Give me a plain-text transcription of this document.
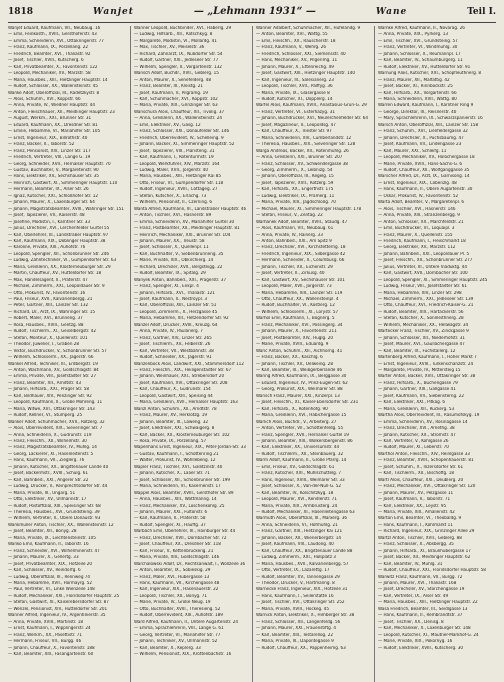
1818	Wanjet	— „Lehmann 1931“ —	Wane	Teil I.
Wanjet Eduard, Kaufmann, VII., Neubaug. 16
— Emil, Feinkosth., XVIII., Gersthoferstr. 43
— Emma, Schneiderin, XVI., Ottakringerstr. 77
— Franz, Kaufmann, IX., Porzellang. 22
— Friedrich, Beamter, XVI., Thaliastr. 92
— Josef, Tischler, XVIII., Kutscherg. 6
— Karl, Privatbeamter, X., Favoritenstr. 122
— Leopold, Mechaniker, XV., Märzstr. 58
— Maria, Hausbes., XIII., Hietzinger Hauptstr. 14
— Rudolf, Schlosser, XX., Wallensteinstr. 45
Wanke Adolf, Oberoffizial, III., Radetzkystr. 8
— Alois, Schuhm., XVI., Koppstr. 66
— Anna, Private, IV., Wiedner Hauptstr. 44
— Anton, Fleischhauer, XII., Meidlinger Hauptstr. 23
— August, Werkm., XXI., Brünner Str. 31
— Eduard, Kaufmann, XX., Dresdner Str. 81
— Emilie, Hebamme, VI., Mariahilfer Str. 105
— Ernst, Ingenieur, XIX., Billrothstr. 40
— Franz, Bäcker, II., Taborstr. 52
— Franz, Pensionist, XIV., Linzer Str. 117
— Friedrich, Vertreter, VIII., Lange G. 19
— Georg, Schneider, XVII., Hernalser Hauptstr. 70
— Gustav, Buchhalter, V., Margaretenstr. 90
— Hans, Elektriker, XV., Sechshauser Str. 35
— Heinrich, Gastwirt, XI., Simmeringer Hauptstr. 110
— Hermann, Beamter, IX., Alser Str. 26
— Ignaz, Kutscher, XXI., Schloßhofer Str. 12
— Johann, Maurer, X., Laxenburger Str. 64
— Johann, Magistratsbeamter, XVIII., Währinger Str. 151
— Josef, Tapezierer, VII., Kaiserstr. 48
— Josefine, Modistin, I., Kärntner Str. 33
— Julius, Drechsler, XVI., Lerchenfelder Gürtel 55
— Karl, Oberlehrer, III., Landstraßer Hauptstr. 97
— Karl, Kaufmann, XIX., Döblinger Hauptstr. 38
— Karoline, Private, XIII., Auhofstr. 76
— Leopold, Spengler, XII., Schönbrunner Str. 246
— Ludwig, Zahntechniker, VI., Gumpendorfer Str. 63
— Maria, Greißlerin, XX., Klosterneuburger Str. 29
— Martin, Chauffeur, XV., Hütteldorfer Str. 18
— Max, Handelsagent, II., Praterstr. 47
— Michael, Zimmerm., XXI., Leopoldauer Str. 9
— Otto, Prokurist, IV., Favoritenstr. 16
— Paul, Friseur, XVII., Kalvarienbergg. 21
— Peter, Gärtner, XIII., Lainzer Str. 132
— Richard, Dr., Arzt, IX., Währinger Str. 15
— Robert, Maler, XVI., Brunneng. 37
— Rosa, Hausbes., XVIII., Gentzg. 88
— Rudolf, Tischlerm., XI., Geiselbergstr. 42
— Stefan, Monteur, X., Quellenstr. 101
— Theodor, Juwelier, I., Graben 28
— Viktor, Buchdrucker, V., Schönbrunner Str. 57
— Wilhelm, Schlosserm., XX., Jägerstr. 66
Wankel Alfred, Techniker, III., Erdbergstr. 19
— Anton, Wachmann, XV., Goldschlagstr. 84
— Emma, Private, VIII., Josefstädter Str. 27
— Franz, Beamter, XII., Arndtstr. 43
— Johann, Hilfsarb., XXI., Prager Str. 58
— Karl, Bildhauer, XIV., Penzinger Str. 92
— Leopold, Kaufmann, II., Große Mohreng. 11
— Maria, Witwe, XVI., Ottakringer Str. 143
— Rudolf, Kellner, VI., Stumperg. 25
Wanker Adolf, Schuhmacher, XVII., Rötzerg. 32
— Alois, Oberrevident, XIX., Sieveringer Str. 7
— Anna, Schneiderin, X., Gudrunstr. 119
— Franz, Fleischh., XII., Wilhelmstr. 30
— Franz, Magistratsbeamter, IV., Mühlg. 14
— Georg, Lackierer, XI., Hasenleitenstr. 5
— Hans, Kaufmann, VII., Zieglerg. 76
— Johann, Kutscher, XX., Brigittenauer Lände 40
— Josef, Bäckermstr., XVIII., Schulg. 61
— Karl, Bahnbed., XXI., Angerer Str. 22
— Ludwig, Drucker, V., Reinprechtsdorfer Str. 44
— Maria, Private, III., Ungarg. 51
— Otto, Elektriker, XV., Ullmannstr. 17
— Rudolf, Postoffizial, XIII., Speisinger Str. 68
— Theresia, Hausbes., XVI., Grundsteing. 39
— Wilhelm, Vertreter, II., Obere Donaustr. 93
Wankmüller Anton, Tischler, XX., Wallensteinstr. 12
— Josef, Beamter, XII., Bonyg. 28
— Maria, Private, IX., Liechtensteinstr. 105
Wanko Emil, Kaufmann, II., Taborstr. 16
— Franz, Schneider, XVI., Wilhelminenstr. 47
— Johann, Maurer, X., Gellertg. 33
— Josef, Privatbeamter, XIX., Hofzeile 20
— Karl, Schlosser, XV., Reindorfg. 6
— Ludwig, Oberoffizial, III., Rennweg 74
— Maria, Hebamme, XVII., Hormayrg. 52
— Paul, Vertreter, VI., Linke Wienzeile 148
— Rudolf, Mechaniker, XXI., Floridsdorfer Hauptstr. 25
— Stefan, Gastwirt, XI., Kaiserebersdorfer Str. 87
— Wenzel, Pensionist, XIV., Hütteldorfer Str. 201
Wanner Alfred, Ingenieur, IV., Argentinierstr. 35
— Anna, Private, XVIII., Martinstr. 18
— Ernst, Kaufmann, I., Wipplingerstr. 24
— Franz, Werkm., XX., Pasettistr. 71
— Hermann, Friseur, VII., Burgg. 46
— Johann, Chauffeur, X., Favoritenstr. 188
— Karl, Beamter, XIII., Fasangartenstr. 60
Wanner Leopold, Buchbinder, XVI., Haberlg. 29
— Ludwig, Hilfsarb., XII., Ratschkyg. 8
— Margarete, Modistin, VI., Mollardg. 41
— Max, Tischler, XV., Meiselstr. 36
— Richard, Zahnarzt, IX., Nußdorfer Str. 54
— Rudolf, Gärtner, XXI., Jedleseer Str. 77
— Wilhelm, Spengler, II., Vorgartenstr. 132
Wansch Adolf, Buchdr., XVII., Geblerg. 15
— Anton, Maurer, X., Senefelderg. 48
— Franz, Beamter, III., Kleistg. 21
— Josef, Kaufmann, V., Pilgramg. 19
— Karl, Schuhmacher, XVI., Koppstr. 102
— Maria, Private, XIX., Grinzinger Str. 63
Wanschura Alois, Chauffeur, XII., Tivolig. 37
— Anna, Greißlerin, XX., Wallensteinstr. 24
— Emil, Elektriker, XV., Gasg. 12
— Franz, Schlosser, XXI., Donaufelder Str. 146
— Friedrich, Oberrevident, IV., Schelleing. 9
— Johann, Bäcker, XI., Simmeringer Hauptstr. 52
— Josef, Tapezierer, VIII., Piaristeng. 31
— Karl, Kaufmann, I., Rotenturmstr. 19
— Leopold, Werkführer, XIV., Märzstr. 164
— Ludwig, Maler, XVII., Jörgerstr. 40
— Maria, Hausbes., XIII., Hietzinger Kai 85
— Otto, Friseur, VI., Gumpendorfer Str. 118
— Rudolf, Ingenieur, XVIII., Cottageg. 27
— Stefan, Kutscher, X., Erlachg. 73
— Wilhelm, Pensionist, II., Czerning. 6
Wanta Alfred, Kaufmann, III., Landstraßer Hauptstr. 46
— Anton, Tischler, XVI., Hasnerstr. 89
— Emma, Schneiderin, XV., Mariahilfer Gürtel 30
— Franz, Postbeamter, XII., Meidlinger Hauptstr. 81
— Heinrich, Mechaniker, XXI., Brünner Str. 104
— Johann, Maurer, XX., Treustr. 58
— Josef, Schlosser, X., Quellenpl. 11
— Karl, Buchhalter, V., Siebenbrunneng. 35
— Marie, Private, XIX., Obkirchierg. 14
— Richard, Drechsler, XVII., Bergsteigg. 22
— Rudolf, Beamter, IX., Spitalg. 29
Wanyek Anton, Bahnbed., XXI., Pragerstr. 37
— Franz, Spengler, XI., Enkpl. 4
— Johann, Hilfsarb., XVI., Thaliastr. 121
— Josef, Kaufmann, II., Nestroypl. 3
— Karl, Oberoffizial, XIII., Lainzer Str. 51
— Leopold, Zimmerm., X., Herzgasse 45
— Maria, Hebamme, XII., Hetzendorfer Str. 92
Wanzel Adolf, Drucker, XVIII., Kreuzg. 64
— Anna, Private, IV., Paulanerg. 7
— Franz, Gärtner, XIV., Linzer Str. 265
— Josef, Tischlerm., XV., Felberstr. 26
— Karl, Vertreter, VII., Westbahnstr. 38
— Rudolf, Schneider, XX., Jägerstr. 91
Wanzenböck Alois, Landwirt, XXI., Stammersdorf 112
— Franz, Fleischh., XIX., Heiligenstädter Str. 67
— Johann, Weinhauer, XXI., Strebersdorf 20
— Josef, Kaufmann, XVI., Ottakringer Str. 208
— Karl, Chauffeur, X., Gudrunstr. 154
— Leopold, Gastwirt, XIII., Speising 44
— Maria, Greißlerin, XVII., Hernalser Hauptstr. 163
Wanzl Anton, Schuhm., XII., Arndtstr. 78
— Franz, Maurer, XV., Herklotzg. 19
— Johann, Beamter, III., Löweng. 32
— Josef, Elektriker, XXI., Schwaigerg. 8
— Karl, Bäcker, XX., Klosterneuburger Str. 102
— Rosa, Private, IX., Porzellang. 57
Wapenhans Ernst, Ingenieur, XIX., Peter-Jordan-Str. 33
— Gustav, Kaufmann, I., Schottenring 21
— Walter, Prokurist, IV., Wohllebeng. 12
Wapler Franz, Tischler, XVI., Gallitzinstr. 40
— Johann, Kutscher, X., Laaer Str. 71
— Josef, Schlosser, XII., Schönbrunner Str. 199
— Maria, Schneiderin, VI., Kasernenstr. 17
Wappel Alois, Beamter, XVIII., Gersthofer Str. 89
— Anna, Hausbes., XIII., Wattmanng. 14
— Franz, Mechaniker, XV., Löschenkohlg. 25
— Johann, Maurer, XXI., Fultonstr. 6
— Karl, Kaufmann, II., Praterstr. 58
— Rudolf, Spengler, XI., Hauffg. 37
Warbach Emil, Oberlehrer, III., Hainburger Str. 44
— Franz, Drechsler, XVII., Dornbacher Str. 72
— Josef, Chauffeur, XX., Dresdner Str. 118
— Karl, Friseur, V., Kettenbrückeng. 21
— Maria, Private, XIV., Goldschlagstr. 146
Warchalowski Adolf, Dr., Rechtsanwalt, I., Wollzeile 36
— Anton, Beamter, IX., Sobieskig. 29
— Franz, Maler, XVI., Hubergasse 13
— Hans, Kaufmann, VII., Kirchengasse 48
— Karl, Ingenieur, XIX., Hasenauerstr. 22
— Leopold, Tischler, XII., Bonyg. 71
— Marie, Private, IV., Große Neug. 19
— Otto, Buchhalter, XVIII., Theresieng. 52
— Rudolf, Oberrevident, XIII., Auhofstr. 189
Ward Alfred, Kaufmann, II., Untere Augartenstr. 24
— Emma, Sprachlehrerin, VIII., Lange G. 61
— Georg, Vertreter, VI., Mariahilfer Str. 77
— Johann, Techniker, XV., Ullmannstr. 52
— Karl, Beamter, X., Keplerg. 33
— Wilhelm, Pensionist, XIX., Krottenbachstr. 16
Wanner Adalbert, Schuhmacher, XII., Hufelandg. 9
— Anton, Beamter, XVI., Wattg. 55
— Emil, Fleischh., XX., Rauscherstr. 18
— Franz, Kaufmann, V., Wehrg. 26
— Friedrich, Schlosser, XXI., Siemensstr. 40
— Hans, Mechaniker, XV., Pilgerimg. 11
— Johann, Maurer, X., Ettenreichg. 49
— Josef, Gastwirt, XIII., Hietzinger Hauptstr. 140
— Karl, Ingenieur, III., Salesianerg. 23
— Leopold, Tischler, XVII., Palffyg. 36
— Maria, Private, IX., Glasergasse 8
— Rudolf, Kutscher, XI., Dopplerg. 14
Warfel Alois, Kaufmann, XVIII., Anastasius-Grün-G. 29
— Franz, Vertreter, VI., Esterhazyg. 31
— Johann, Buchdrucker, XVI., Neulerchenfelder Str. 64
— Josef, Magazineur, II., Leopoldsg. 47
— Karl, Chauffeur, X., Triester Str. 97
— Maria, Schneiderin, XIV., Cumberlandstr. 12
— Theresia, Hausbes., XIX., Sieveringer Str. 128
Warga Andreas, Bäcker, XII., Rotenmühlg. 26
— Anna, Greißlerin, XXI., Brünner Str. 207
— Franz, Schlosser, XV., Schwendergasse 38
— Georg, Zimmerm., X., Leibnizg. 54
— Johann, Oberoffizial, III., Kegelg. 15
— Josef, Tapezierer, XVII., Rötzerg. 59
— Karl, Hilfsarb., XX., Engerthstr. 175
— Ludwig, Elektriker, IX., Pramerg. 11
— Maria, Private, XIII., Jagdschloßg. 70
— Michael, Maurer, XI., Simmeringer Hauptstr. 178
— Stefan, Friseur, V., Zentag. 22
Warhanek Adolf, Beamter, XVIII., Staudg. 47
— Alois, Kaufmann, VII., Neubaug. 61
— Anna, Private, IV., Rainerg. 33
— Anton, Bahnbed., XXI., Am Spitz 9
— Franz, Drechsler, XVI., Kirchstetterng. 18
— Friedrich, Ingenieur, XIX., Silbergasse 42
— Hermann, Schneider, X., Columbusg. 66
— Johann, Tischler, XII., Eichenstr. 29
— Josef, Vertreter, II., Zirkusg. 40
— Karl, Gastwirt, XV., Sechshauser Str. 101
— Leopold, Maler, XVII., Jörgerstr. 73
— Maria, Hebamme, XIII., Lainzer Str. 119
— Otto, Chauffeur, XX., Wallensteinpl. 4
— Rudolf, Buchhalter, VI., Köstlerg. 12
— Wilhelm, Schlosserm., XI., Lorystr. 57
Warhol Emil, Kaufmann, I., Bognerg. 5
— Franz, Mechaniker, XVI., Possingerg. 34
— Johann, Maurer, X., Favoritenstr. 211
— Josef, Postbeamter, XIV., Huglg. 20
— Marie, Private, XVIII., Eduardg. 9
Waric Anton, Schuhm., XII., Aichhorng. 41
— Franz, Bäcker, XX., Kaschlg. 6
— Johann, Tischler, XV., Oelweing. 28
— Karl, Beamter, III., Weißgerberlände 46
Waring Alfred, Kaufmann, IX., Berggasse 30
— Eduard, Ingenieur, IV., Prinz-Eugen-Str. 62
— Georg, Prokurist, XIX., Weimarer Str. 88
Warisch Franz, Maurer, XXI., Kinzerpl. 13
— Josef, Fleischh., XI., Kaiser-Ebersdorfer Str. 231
— Karl, Hilfsarb., X., Rotenhofg. 90
— Maria, Greißlerin, XVI., Habichergasse 15
Warlich Alois, Buchdr., V., Arbeiterg. 27
— Anton, Vertreter, VII., Schottenfeldg. 55
— Franz, Spengler, XVII., Hernalser Gürtel 19
— Johann, Beamter, XIII., Wolkersbergenstr. 86
— Karl, Elektriker, XX., Universumstr. 44
— Rudolf, Tischlerm., XII., Steinbauerg. 32
Warm Adolf, Kaufmann, II., Große Pfarrg. 14
— Emil, Friseur, XV., Goldschlagstr. 61
— Franz, Kutscher, XXI., Mühlschüttelg. 7
— Hans, Ingenieur, XVIII., Weimarer Str. 33
— Josef, Schlosser, X., Van-der-Nüll-G. 52
— Karl, Beamter, IV., Kolschitzkyg. 18
— Leopold, Maurer, XVI., Kendlerstr. 71
— Maria, Private, XIX., Armbrusterg. 24
— Rudolf, Mechaniker, XI., Hasenleitengasse 63
Warmuth Alois, Oberoffizial, III., Marxerg. 36
— Anna, Schneiderin, VI., Hofmühlg. 21
— Franz, Gärtner, XIII., Hietzinger Kai 121
— Johann, Bäcker, XII., Wienerbergstr. 14
— Josef, Kaufmann, VIII., Laudong. 40
— Karl, Chauffeur, XX., Brigittenauer Lände 88
— Ludwig, Zimmerm., XXI., Hoßplatz 3
— Maria, Hausbes., XVII., Kalvarienbergg. 57
— Otto, Vertreter, IX., Lazarettg. 17
— Rudolf, Beamter, XV., Tannengasse 29
— Theodor, Drucker, V., Hartmanng. 8
Warnecke Franz, Ingenieur, XIX., Hofzeile 31
— Hans, Kaufmann, I., Seilerstätte 16
— Josef, Tischler, XVI., Ottakringer Str. 252
— Maria, Private, XVIII., Hockeg. 45
Warnick Anton, Elektriker, X., Himberger Str. 38
— Franz, Schlosser, XII., Längenfeldg. 56
— Johann, Maurer, XXI., Frauenstiftg. 4
— Karl, Beamter, XIII., Testarellog. 22
— Maria, Private, III., Dapontegasse 9
— Rudolf, Chauffeur, XX., Pappenheimg. 63
Warnke Alfred, Kaufmann, II., Novarag. 26
— Anna, Private, XIX., Pyrkerg. 13
— Emil, Tischler, XVI., Grundsteing. 57
— Franz, Vertreter, VI., Windmühlg. 30
— Johann, Schlosser, X., Reumannpl. 17
— Karl, Beamter, IV., Schaumburgerg. 11
— Rudolf, Elektriker, XV., Hütteldorfer Str. 91
Warnung Alois, Kutscher, XXI., Schöpfleuthnerg. 8
— Franz, Maurer, XII., Malfattig. 42
— Josef, Bäcker, XI., Rinnböckstr. 25
— Karl, Hilfsarb., XX., Vorgartenstr. 66
— Maria, Schneiderin, XVII., Wattg. 80
Warren Edward, Kaufmann, I., Kärntner Ring 9
— George, Direktor, III., Reisnerstr. 40
— Mary, Sprachlehrerin, IX., Schwarzspanierstr. 16
Warsch Anton, Oberoffizial, XIII., Lainzer Str. 158
— Franz, Schuhm., XVI., Lienfeldergasse 32
— Johann, Drechsler, X., Puchsbaumg. 47
— Josef, Kaufmann, VII., Lindengasse 23
— Karl, Maurer, XXI., Schleifg. 11
— Leopold, Mechaniker, XV., Holochergasse 18
— Marie, Private, XVIII., Hans-Sachs-G. 6
— Rudolf, Chauffeur, XII., Wolfganggasse 35
Warscher Alfred, Dr., Arzt, IX., Garnisong. 14
— Ernst, Ingenieur, XIX., Cobenzlg. 48
— Hans, Kaufmann, II., Obere Augartenstr. 30
— Oskar, Prokurist, IV., Favoritenstr. 52
Warta Adolf, Beamter, V., Margaretenpl. 6
— Alois, Tischler, XVI., Hasnerstr. 146
— Anna, Private, XIII., Stranzenbergg. 9
— Anton, Schlosser, XX., Marchfeldstr. 21
— Emil, Buchdrucker, VI., Loquaipl. 3
— Franz, Maurer, X., Quellenstr. 155
— Friedrich, Kaufmann, I., Fleischmarkt 18
— Georg, Elektriker, XV., Märzstr. 112
— Johann, Bahnbed., XXI., Leopoldauer Pl. 5
— Josef, Fleischh., XII., Schönbrunner Str. 277
— Julius, Vertreter, III., Untere Viaduktg. 44
— Karl, Gastwirt, XVII., Dornbacher Str. 100
— Leopold, Spengler, XI., Simmeringer Hauptstr. 245
— Ludwig, Friseur, VIII., Josefstädter Str. 61
— Maria, Hebamme, XIV., Linzer Str. 298
— Michael, Zimmerm., XXI., Jedleseer Str. 139
— Otto, Chauffeur, XVI., Friedrich-Kaiser-G. 21
— Rudolf, Beamter, XIX., Hartäckerstr. 56
— Stefan, Kutscher, X., Sonnleithnerg. 28
— Wilhelm, Mechaniker, XX., Hellwagstr. 34
Wartecker Franz, Tischler, XV., Zinckgasse 9
— Johann, Schlosser, XII., Niederhofstr. 31
— Josef, Maurer, XVI., Gaullachergasse 47
— Karl, Beamter, IX., Fuchstallerg. 12
Wartenberg Alfred, Kaufmann, I., Hoher Markt 7
— Ernst, Ingenieur, XVIII., Türkenschanzstr. 24
— Margarete, Private, IV., Mittersteig 15
Warter Anton, Bäcker, XVII., Ottakringer Str. 38
— Franz, Hilfsarb., X., Buchengasse 79
— Johann, Gärtner, XIII., Gallgasse 41
— Josef, Kaufmann, VII., Siebensterng. 22
— Karl, Elektriker, XXI., Pitkag. 6
— Maria, Greißlerin, XII., Ruckerg. 53
Wartha Alois, Oberrevident, III., Rasumofskyg. 19
— Emma, Schneiderin, XV., Rosinagasse 14
— Franz, Drechsler, XVI., Arnethg. 38
— Johann, Kutscher, XX., Stromstr. 47
— Karl, Vertreter, V., Kohlgasse 26
— Rudolf, Maurer, XI., Leberstr. 70
Warthol Anton, Fleischh., XIV., Reinlgasse 33
— Franz, Beamter, XVIII., Schopenhauerstr. 81
— Josef, Schuhm., X., Inzersdorfer Str. 61
— Karl, Tischlerm., XII., Bischoffg. 18
Wartl Alois, Chauffeur, XXI., Deublerg. 20
— Franz, Mechaniker, XVI., Ottakringer Str. 120
— Johann, Maurer, XV., Pelzgasse 11
— Josef, Kaufmann, II., Taborstr. 71
— Karl, Elektriker, XX., Leystr. 95
— Maria, Private, XIII., Amalienstr. 42
Warton Emil, Beamter, VI., Theobaldg. 9
— Hans, Kaufmann, I., Kohlmarkt 11
— Richard, Ingenieur, XIX., Grinzinger Allee 29
Wartzl Anton, Tischler, XVII., Geblerg. 88
— Franz, Schlosser, X., Absbergg. 35
— Johann, Hilfsarb., XI., Braunhubergasse 17
— Josef, Bäcker, XII., Meidlinger Hauptstr. 62
— Karl, Beamter, IV., Mühlg. 31
— Rudolf, Chauffeur, XXI., Floridsdorfer Hauptstr. 58
Warwitz Franz, Kaufmann, VII., Burgg. 72
— Johann, Maurer, XVI., Thaliastr. 168
— Josef, Drechsler, XV., Storchengasse 19
— Karl, Vertreter, IX., Alser Str. 49
— Maria, Hausbes., XIII., Hietzinger Hauptstr. 22
Wasa Friedrich, Beamter, III., Seidlgasse 13
— Hans, Kaufmann, II., Rembrandtstr. 37
— Josef, Tischler, XX., Denisg. 8
— Karl, Mechaniker, X., Laxenburger Str. 148
— Leopold, Kutscher, XI., Mautner-Markhof-G. 24
— Marie, Private, XIX., Pokornyg. 16
— Rudolf, Elektriker, XVIII., Kutscherg. 30
